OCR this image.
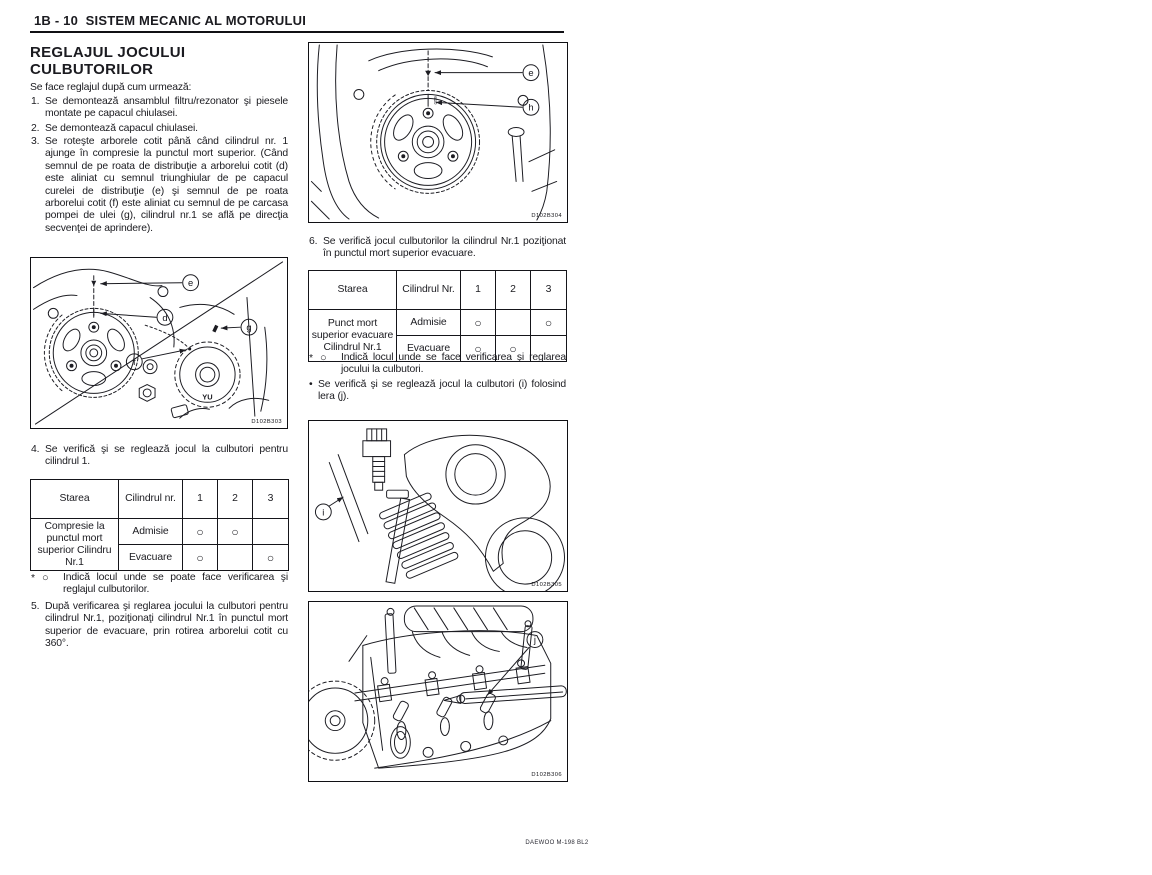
1B - 10  SISTEM MECANIC AL MOTORULUI
REGLAJUL JOCULUI
CULBUTORILOR
Se face reglajul după cum urmează:
1. Se demontează ansamblul filtru/rezonator şi piesele montate pe capacul chiulasei.
2. Se demontează capacul chiulasei.
3. Se roteşte arborele cotit până când cilindrul nr. 1 ajunge în compresie la punctul mort superior. (Când semnul de pe roata de distribuţie a arborelui cotit (d) este aliniat cu semnul triunghiular de pe capacul curelei de distribuţie (e) şi semnul de pe roata arborelui cotit (f) este aliniat cu semnul de pe carcasa pompei de ulei (g), cilindrul nr.1 se află pe direcţia secvenţei de aprindere).
e
d
YU
g
f
D102B303
4. Se verifică şi se reglează jocul la culbutori pentru cilindrul 1.
Starea	Cilindrul nr.	1	2	3
Compresie la punctul mort superior Cilindru Nr.1	Admisie	○	○	
	Evacuare	○		○
* ○	Indică locul unde se poate face verificarea şi reglajul culbutorilor.
5. După verificarea şi reglarea jocului la culbutori pentru cilindrul Nr.1, poziţionaţi cilindrul Nr.1 în punctul mort superior de evacuare, prin rotirea arborelui cotit cu 360°.
61D
e
h
D102B304
6. Se verifică jocul culbutorilor la cilindrul Nr.1 poziţionat în punctul mort superior evacuare.
Starea	Cilindrul Nr.	1	2	3
Punct mort superior evacuare Cilindrul Nr.1	Admisie	○		○
	Evacuare	○	○	
* ○	Indică locul unde se face verificarea şi reglarea jocului la culbutori.
• Se verifică şi se reglează jocul la culbutori (i) folosind lera (j).
i
D102B305
j
D102B306
DAEWOO M-198 BL2
